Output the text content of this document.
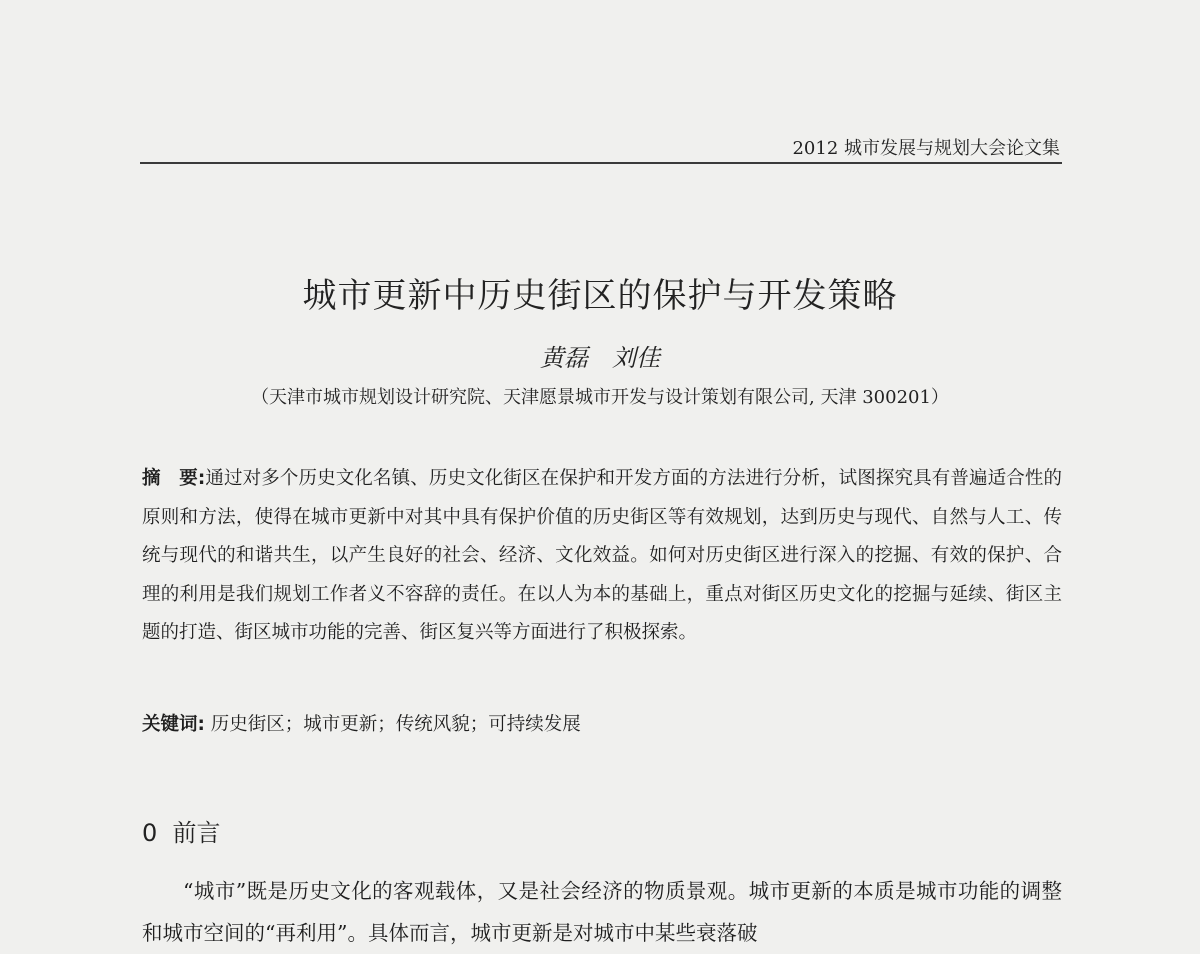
2012 城市发展与规划大会论文集
城市更新中历史街区的保护与开发策略
黄磊　刘佳
（天津市城市规划设计研究院、天津愿景城市开发与设计策划有限公司, 天津 300201）
摘　要:通过对多个历史文化名镇、历史文化街区在保护和开发方面的方法进行分析，试图探究具有普遍适合性的原则和方法，使得在城市更新中对其中具有保护价值的历史街区等有效规划，达到历史与现代、自然与人工、传统与现代的和谐共生，以产生良好的社会、经济、文化效益。如何对历史街区进行深入的挖掘、有效的保护、合理的利用是我们规划工作者义不容辞的责任。在以人为本的基础上，重点对街区历史文化的挖掘与延续、街区主题的打造、街区城市功能的完善、街区复兴等方面进行了积极探索。
关键词: 历史街区；城市更新；传统风貌；可持续发展
0  前言
“城市”既是历史文化的客观载体，又是社会经济的物质景观。城市更新的本质是城市功能的调整和城市空间的“再利用”。具体而言，城市更新是对城市中某些衰落破
